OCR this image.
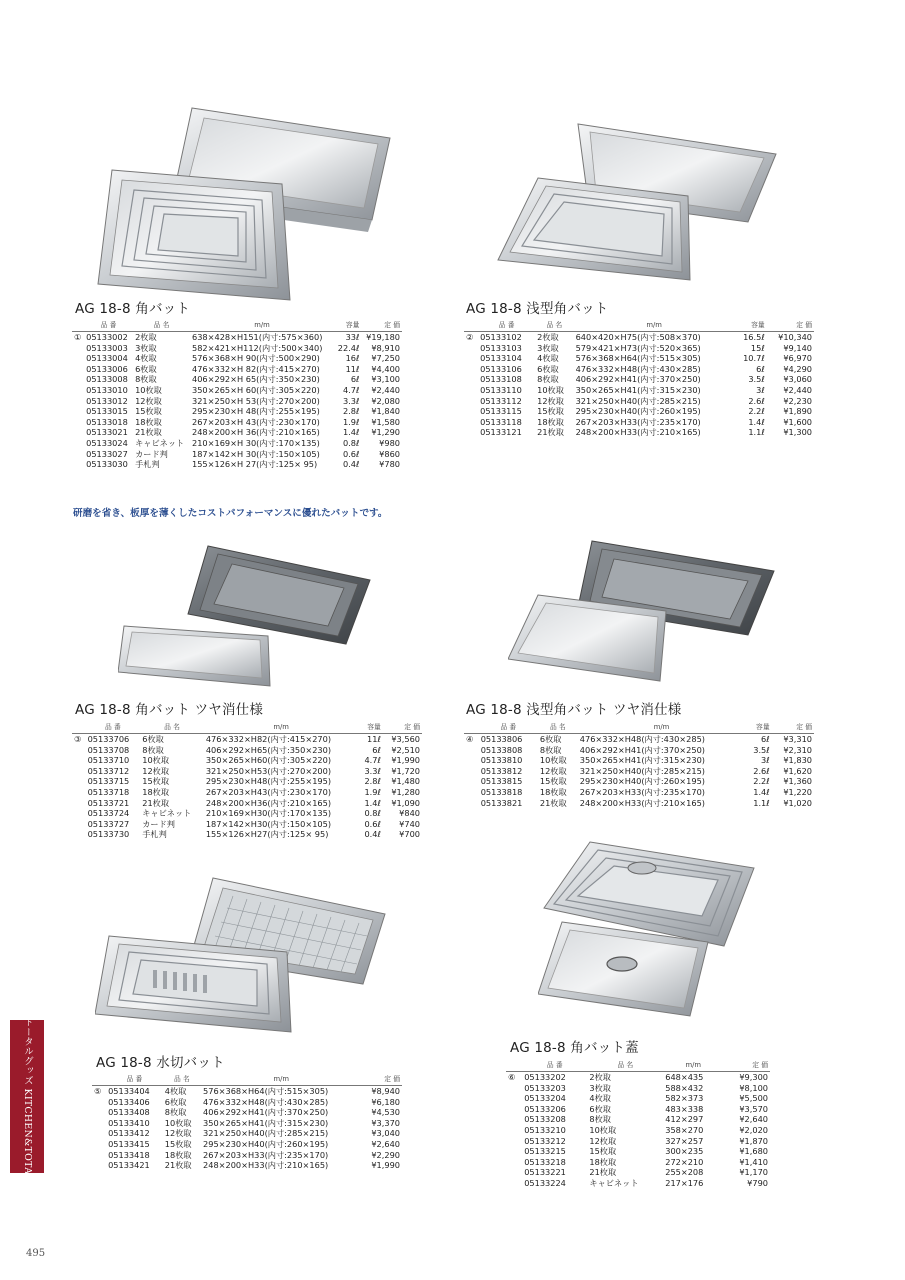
AG 18-8 角バット	AG 18-8 浅型角バット
AG 18-8 角バット ツヤ消仕様	AG 18-8 浅型角バット ツヤ消仕様
AG 18-8 水切バット
AG 18-8 角バット蓋
	品 番	品 名	m/m	容量	定 価
①	05133002	2枚取	638×428×H151(内寸:575×360)	33ℓ	¥19,180
	05133003	3枚取	582×421×H112(内寸:500×340)	22.4ℓ	¥8,910
	05133004	4枚取	576×368×H 90(内寸:500×290)	16ℓ	¥7,250
	05133006	6枚取	476×332×H 82(内寸:415×270)	11ℓ	¥4,400
	05133008	8枚取	406×292×H 65(内寸:350×230)	6ℓ	¥3,100
	05133010	10枚取	350×265×H 60(内寸:305×220)	4.7ℓ	¥2,440
	05133012	12枚取	321×250×H 53(内寸:270×200)	3.3ℓ	¥2,080
	05133015	15枚取	295×230×H 48(内寸:255×195)	2.8ℓ	¥1,840
	05133018	18枚取	267×203×H 43(内寸:230×170)	1.9ℓ	¥1,580
	05133021	21枚取	248×200×H 36(内寸:210×165)	1.4ℓ	¥1,290
	05133024	キャビネット	210×169×H 30(内寸:170×135)	0.8ℓ	¥980
	05133027	カード判	187×142×H 30(内寸:150×105)	0.6ℓ	¥860
	05133030	手札判	155×126×H 27(内寸:125× 95)	0.4ℓ	¥780
	品 番	品 名	m/m	容量	定 価
②	05133102	2枚取	640×420×H75(内寸:508×370)	16.5ℓ	¥10,340
	05133103	3枚取	579×421×H73(内寸:520×365)	15ℓ	¥9,140
	05133104	4枚取	576×368×H64(内寸:515×305)	10.7ℓ	¥6,970
	05133106	6枚取	476×332×H48(内寸:430×285)	6ℓ	¥4,290
	05133108	8枚取	406×292×H41(内寸:370×250)	3.5ℓ	¥3,060
	05133110	10枚取	350×265×H41(内寸:315×230)	3ℓ	¥2,440
	05133112	12枚取	321×250×H40(内寸:285×215)	2.6ℓ	¥2,230
	05133115	15枚取	295×230×H40(内寸:260×195)	2.2ℓ	¥1,890
	05133118	18枚取	267×203×H33(内寸:235×170)	1.4ℓ	¥1,600
	05133121	21枚取	248×200×H33(内寸:210×165)	1.1ℓ	¥1,300
	品 番	品 名	m/m	容量	定 価
③	05133706	6枚取	476×332×H82(内寸:415×270)	11ℓ	¥3,560
	05133708	8枚取	406×292×H65(内寸:350×230)	6ℓ	¥2,510
	05133710	10枚取	350×265×H60(内寸:305×220)	4.7ℓ	¥1,990
	05133712	12枚取	321×250×H53(内寸:270×200)	3.3ℓ	¥1,720
	05133715	15枚取	295×230×H48(内寸:255×195)	2.8ℓ	¥1,480
	05133718	18枚取	267×203×H43(内寸:230×170)	1.9ℓ	¥1,280
	05133721	21枚取	248×200×H36(内寸:210×165)	1.4ℓ	¥1,090
	05133724	キャビネット	210×169×H30(内寸:170×135)	0.8ℓ	¥840
	05133727	カード判	187×142×H30(内寸:150×105)	0.6ℓ	¥740
	05133730	手札判	155×126×H27(内寸:125× 95)	0.4ℓ	¥700
	品 番	品 名	m/m	容量	定 価
④	05133806	6枚取	476×332×H48(内寸:430×285)	6ℓ	¥3,310
	05133808	8枚取	406×292×H41(内寸:370×250)	3.5ℓ	¥2,310
	05133810	10枚取	350×265×H41(内寸:315×230)	3ℓ	¥1,830
	05133812	12枚取	321×250×H40(内寸:285×215)	2.6ℓ	¥1,620
	05133815	15枚取	295×230×H40(内寸:260×195)	2.2ℓ	¥1,360
	05133818	18枚取	267×203×H33(内寸:235×170)	1.4ℓ	¥1,220
	05133821	21枚取	248×200×H33(内寸:210×165)	1.1ℓ	¥1,020
	品 番	品 名	m/m	定 価
⑤	05133404	4枚取	576×368×H64(内寸:515×305)	¥8,940
	05133406	6枚取	476×332×H48(内寸:430×285)	¥6,180
	05133408	8枚取	406×292×H41(内寸:370×250)	¥4,530
	05133410	10枚取	350×265×H41(内寸:315×230)	¥3,370
	05133412	12枚取	321×250×H40(内寸:285×215)	¥3,040
	05133415	15枚取	295×230×H40(内寸:260×195)	¥2,640
	05133418	18枚取	267×203×H33(内寸:235×170)	¥2,290
	05133421	21枚取	248×200×H33(内寸:210×165)	¥1,990
	品 番	品 名	m/m	定 価
⑥	05133202	2枚取	648×435	¥9,300
	05133203	3枚取	588×432	¥8,100
	05133204	4枚取	582×373	¥5,500
	05133206	6枚取	483×338	¥3,570
	05133208	8枚取	412×297	¥2,640
	05133210	10枚取	358×270	¥2,020
	05133212	12枚取	327×257	¥1,870
	05133215	15枚取	300×235	¥1,680
	05133218	18枚取	272×210	¥1,410
	05133221	21枚取	255×208	¥1,170
	05133224	キャビネット	217×176	¥790
研磨を省き、板厚を薄くしたコストパフォーマンスに優れたバットです。
キッチン&トータルグッズ KITCHEN&TOTAL GOODS
495
